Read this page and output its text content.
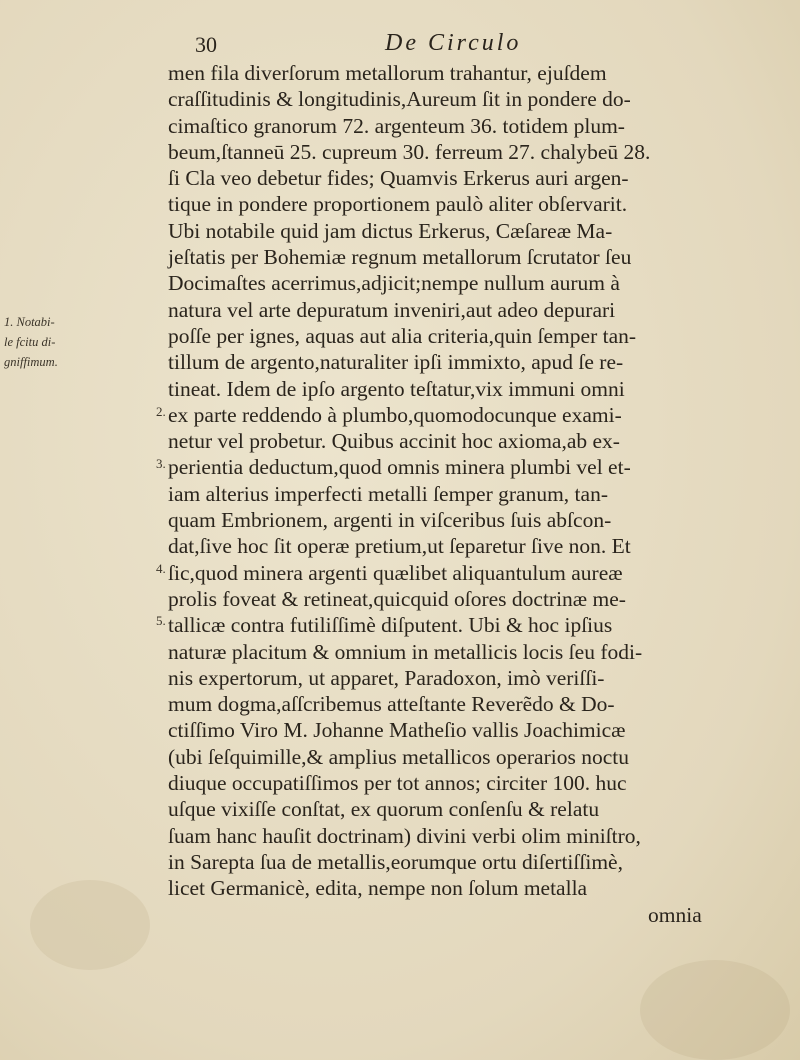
30	De Circulo
1. Notabi-
le fcitu di-
gniffimum.
2.
3.
4.
5.
men fila diverſorum metallorum trahantur, ejuſdem
craſſitudinis & longitudinis,Aureum ſit in pondere do-
cimaſtico granorum 72. argenteum 36. totidem plum-
beum,ſtanneū 25. cupreum 30. ferreum 27. chalybeū 28.
ſi Cla veo debetur fides; Quamvis Erkerus auri argen-
tique in pondere proportionem paulò aliter obſervarit.
Ubi notabile quid jam dictus Erkerus, Cæſareæ Ma-
jeſtatis per Bohemiæ regnum metallorum ſcrutator ſeu
Docimaſtes acerrimus,adjicit;nempe nullum aurum à
natura vel arte depuratum inveniri,aut adeo depurari
poſſe per ignes, aquas aut alia criteria,quin ſemper tan-
tillum de argento,naturaliter ipſi immixto, apud ſe re-
tineat. Idem de ipſo argento teſtatur,vix immuni omni
ex parte reddendo à plumbo,quomodocunque exami-
netur vel probetur. Quibus accinit hoc axioma,ab ex-
perientia deductum,quod omnis minera plumbi vel et-
iam alterius imperfecti metalli ſemper granum, tan-
quam Embrionem, argenti in viſceribus ſuis abſcon-
dat,ſive hoc ſit operæ pretium,ut ſeparetur ſive non. Et
ſic,quod minera argenti quælibet aliquantulum aureæ
prolis foveat & retineat,quicquid oſores doctrinæ me-
tallicæ contra futiliſſimè diſputent. Ubi & hoc ipſius
naturæ placitum & omnium in metallicis locis ſeu fodi-
nis expertorum, ut apparet, Paradoxon, imò veriſſi-
mum dogma,aſſcribemus atteſtante Reverẽdo & Do-
ctiſſimo Viro M. Johanne Matheſio vallis Joachimicæ
(ubi ſeſquimille,& amplius metallicos operarios noctu
diuque occupatiſſimos per tot annos; circiter 100. huc
uſque vixiſſe conſtat, ex quorum conſenſu & relatu
ſuam hanc hauſit doctrinam) divini verbi olim miniſtro,
in Sarepta ſua de metallis,eorumque ortu diſertiſſimè,
licet Germanicè, edita, nempe non ſolum metalla
omnia
